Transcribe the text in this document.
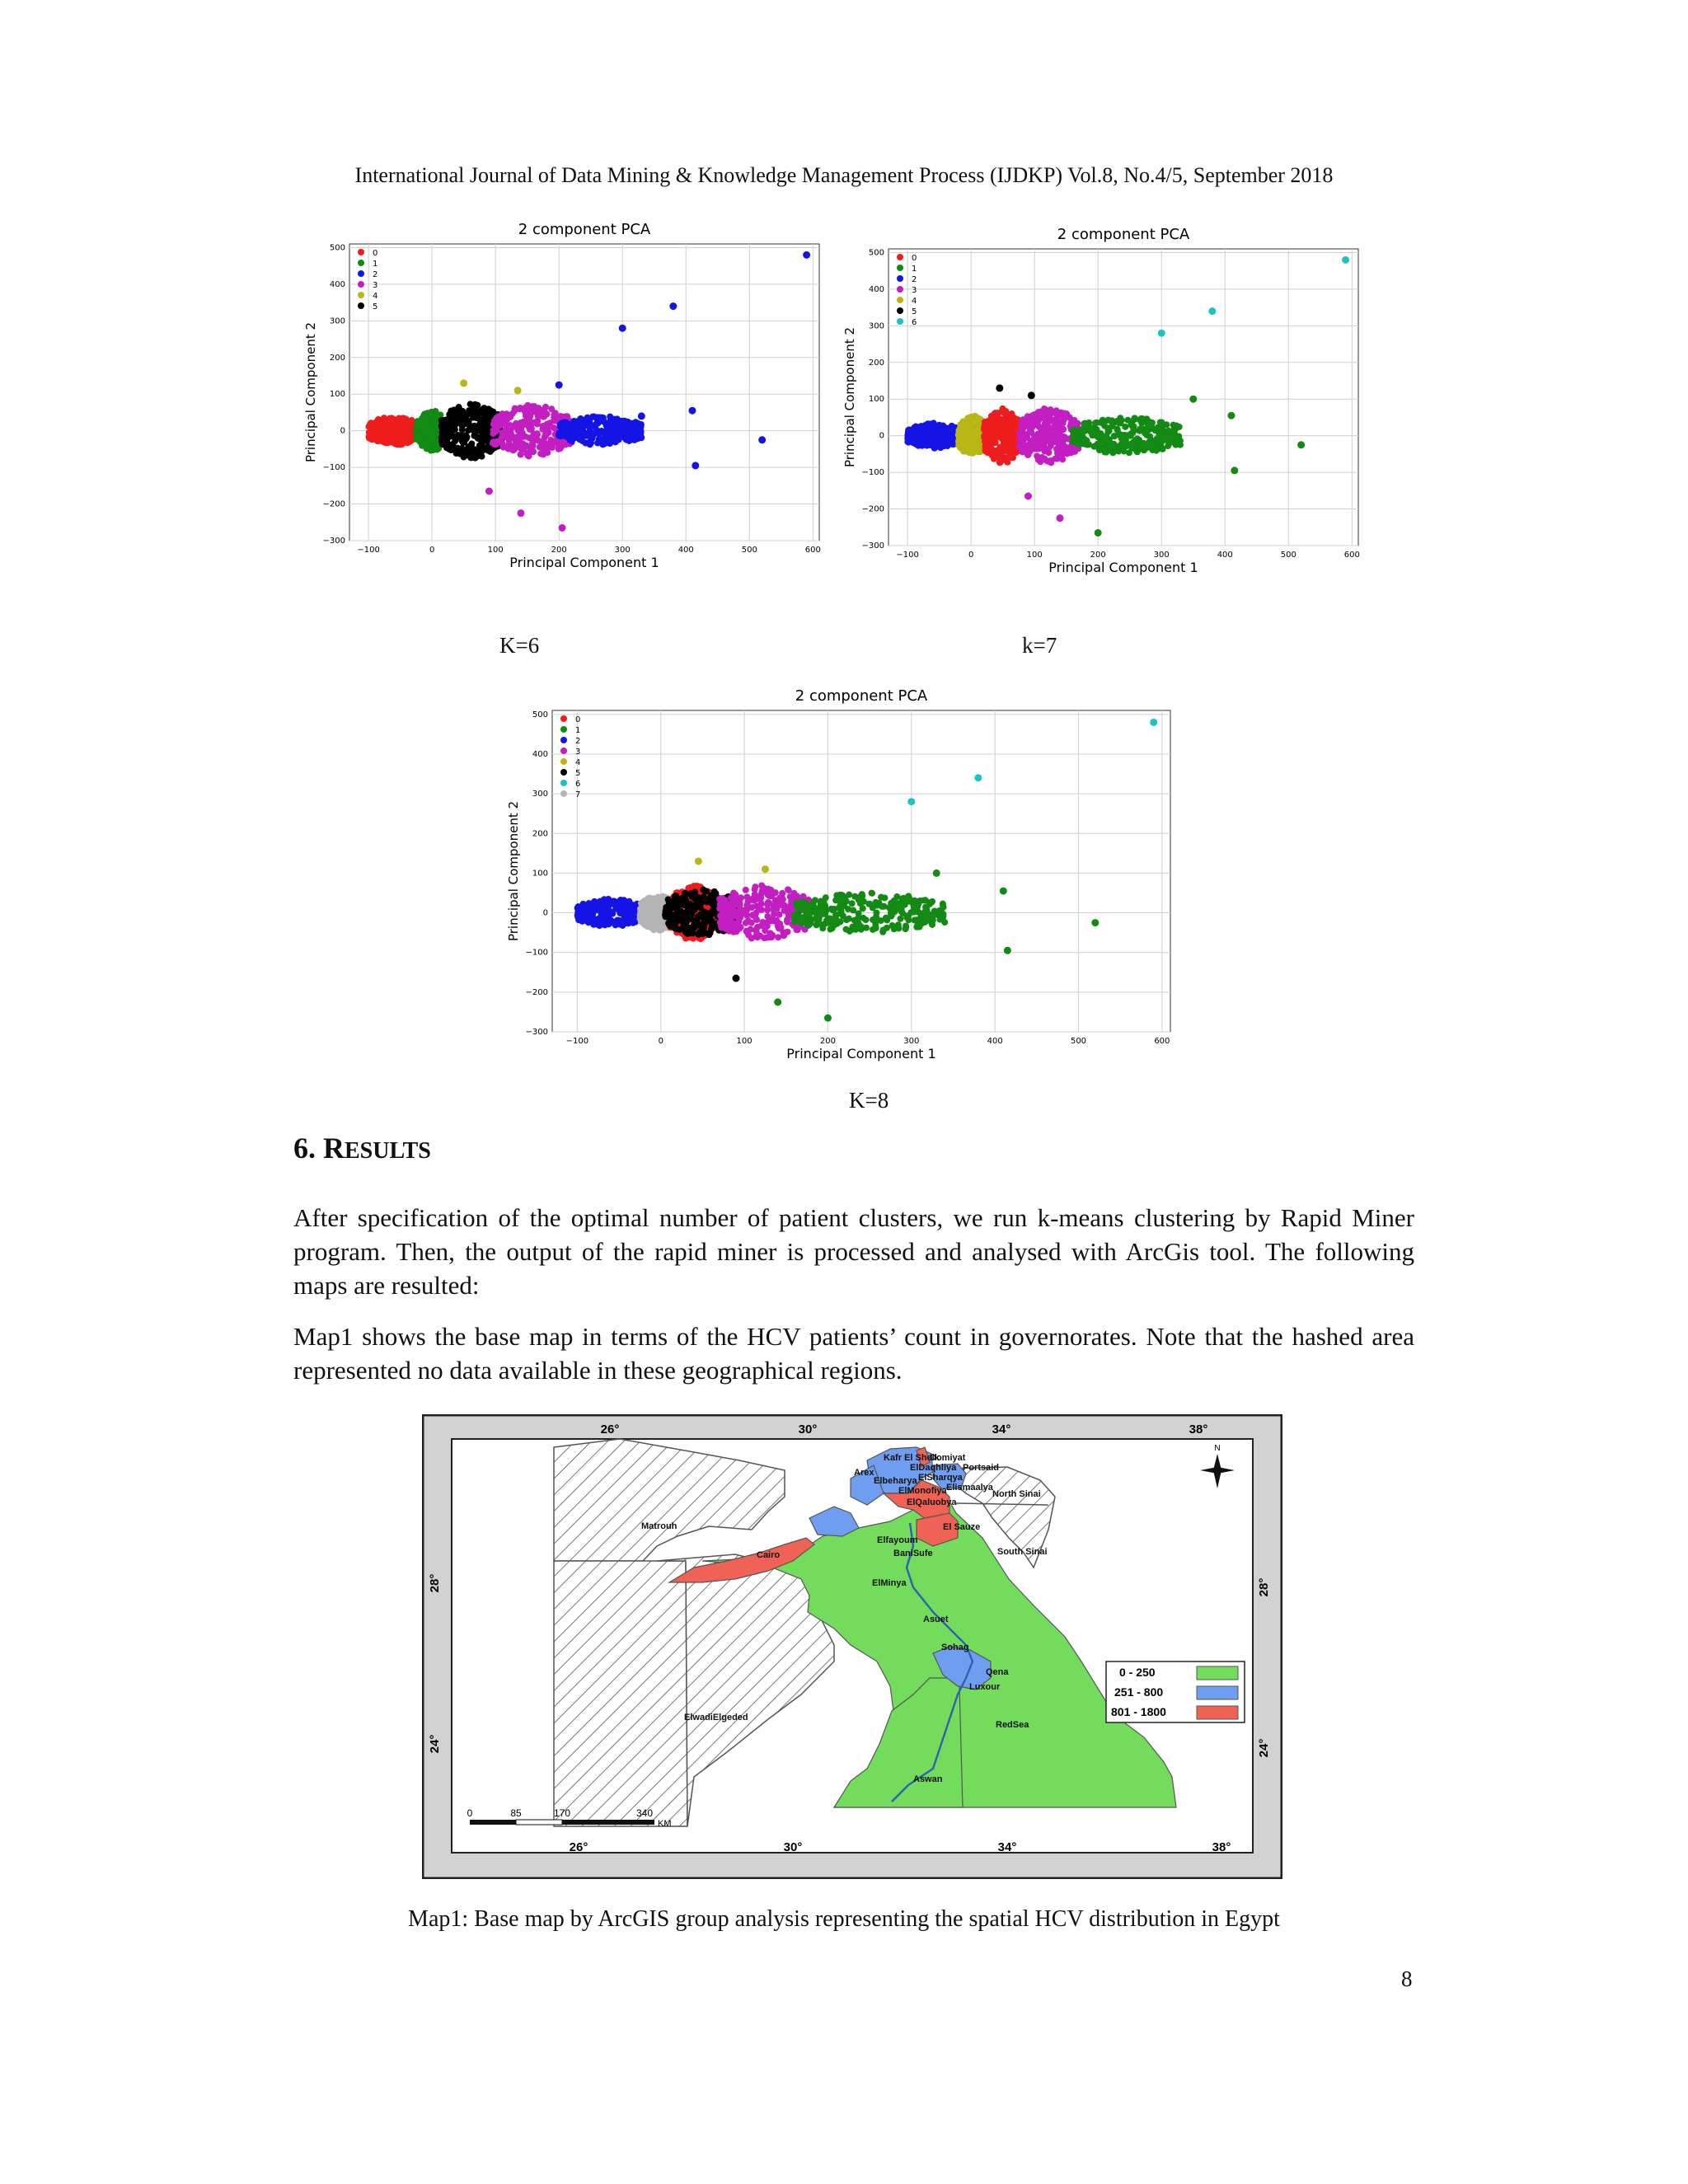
International Journal of Data Mining & Knowledge Management Process (IJDKP) Vol.8, No.4/5, September 2018
2 component PCA
−100	0	100	200	300	400	500	600
−300
−200
−100
0
100
200
300
400
500
Principal Component 1
Principal Component 2
0
1
2
3
4
5
K=6
2 component PCA
−100	0	100	200	300	400	500	600
−300
−200
−100
0
100
200
300
400
500
Principal Component 1
Principal Component 2
0
1
2
3
4
5
6
k=7
2 component PCA
−100	0	100	200	300	400	500	600
−300
−200
−100
0
100
200
300
400
500
Principal Component 1
Principal Component 2
0
1
2
3
4
5
6
7
K=8
6. RESULTS
After specification of the optimal number of patient clusters, we run k-means clustering by Rapid Miner program. Then, the output of the rapid miner is processed and analysed with ArcGis tool. The following maps are resulted:
Map1 shows the base map in terms of the HCV patients’ count in governorates. Note that the hashed area represented no data available in these geographical regions.
26°	30°	34°	38°
26°	30°	34°	38°
28°
24°
28°
24°
Kafr El Sheik
Domiyat
ElDaqhliya Portsaid
Arex	ElSharqya
Elbeharya
ElMonofiya Elismaalya
North Sinai
ElQaluobya
Matrouh	El Sauze
Elfayoum
BaniSufe
Cairo	South Sinai
ElMinya
Asuet
Sohag
Qena
Luxour
ElwadiElgeded
RedSea
Aswan
N
0 - 250
251 - 800
801 - 1800
0	85	170	340
KM
Map1: Base map by ArcGIS group analysis representing the spatial HCV distribution in Egypt
8
